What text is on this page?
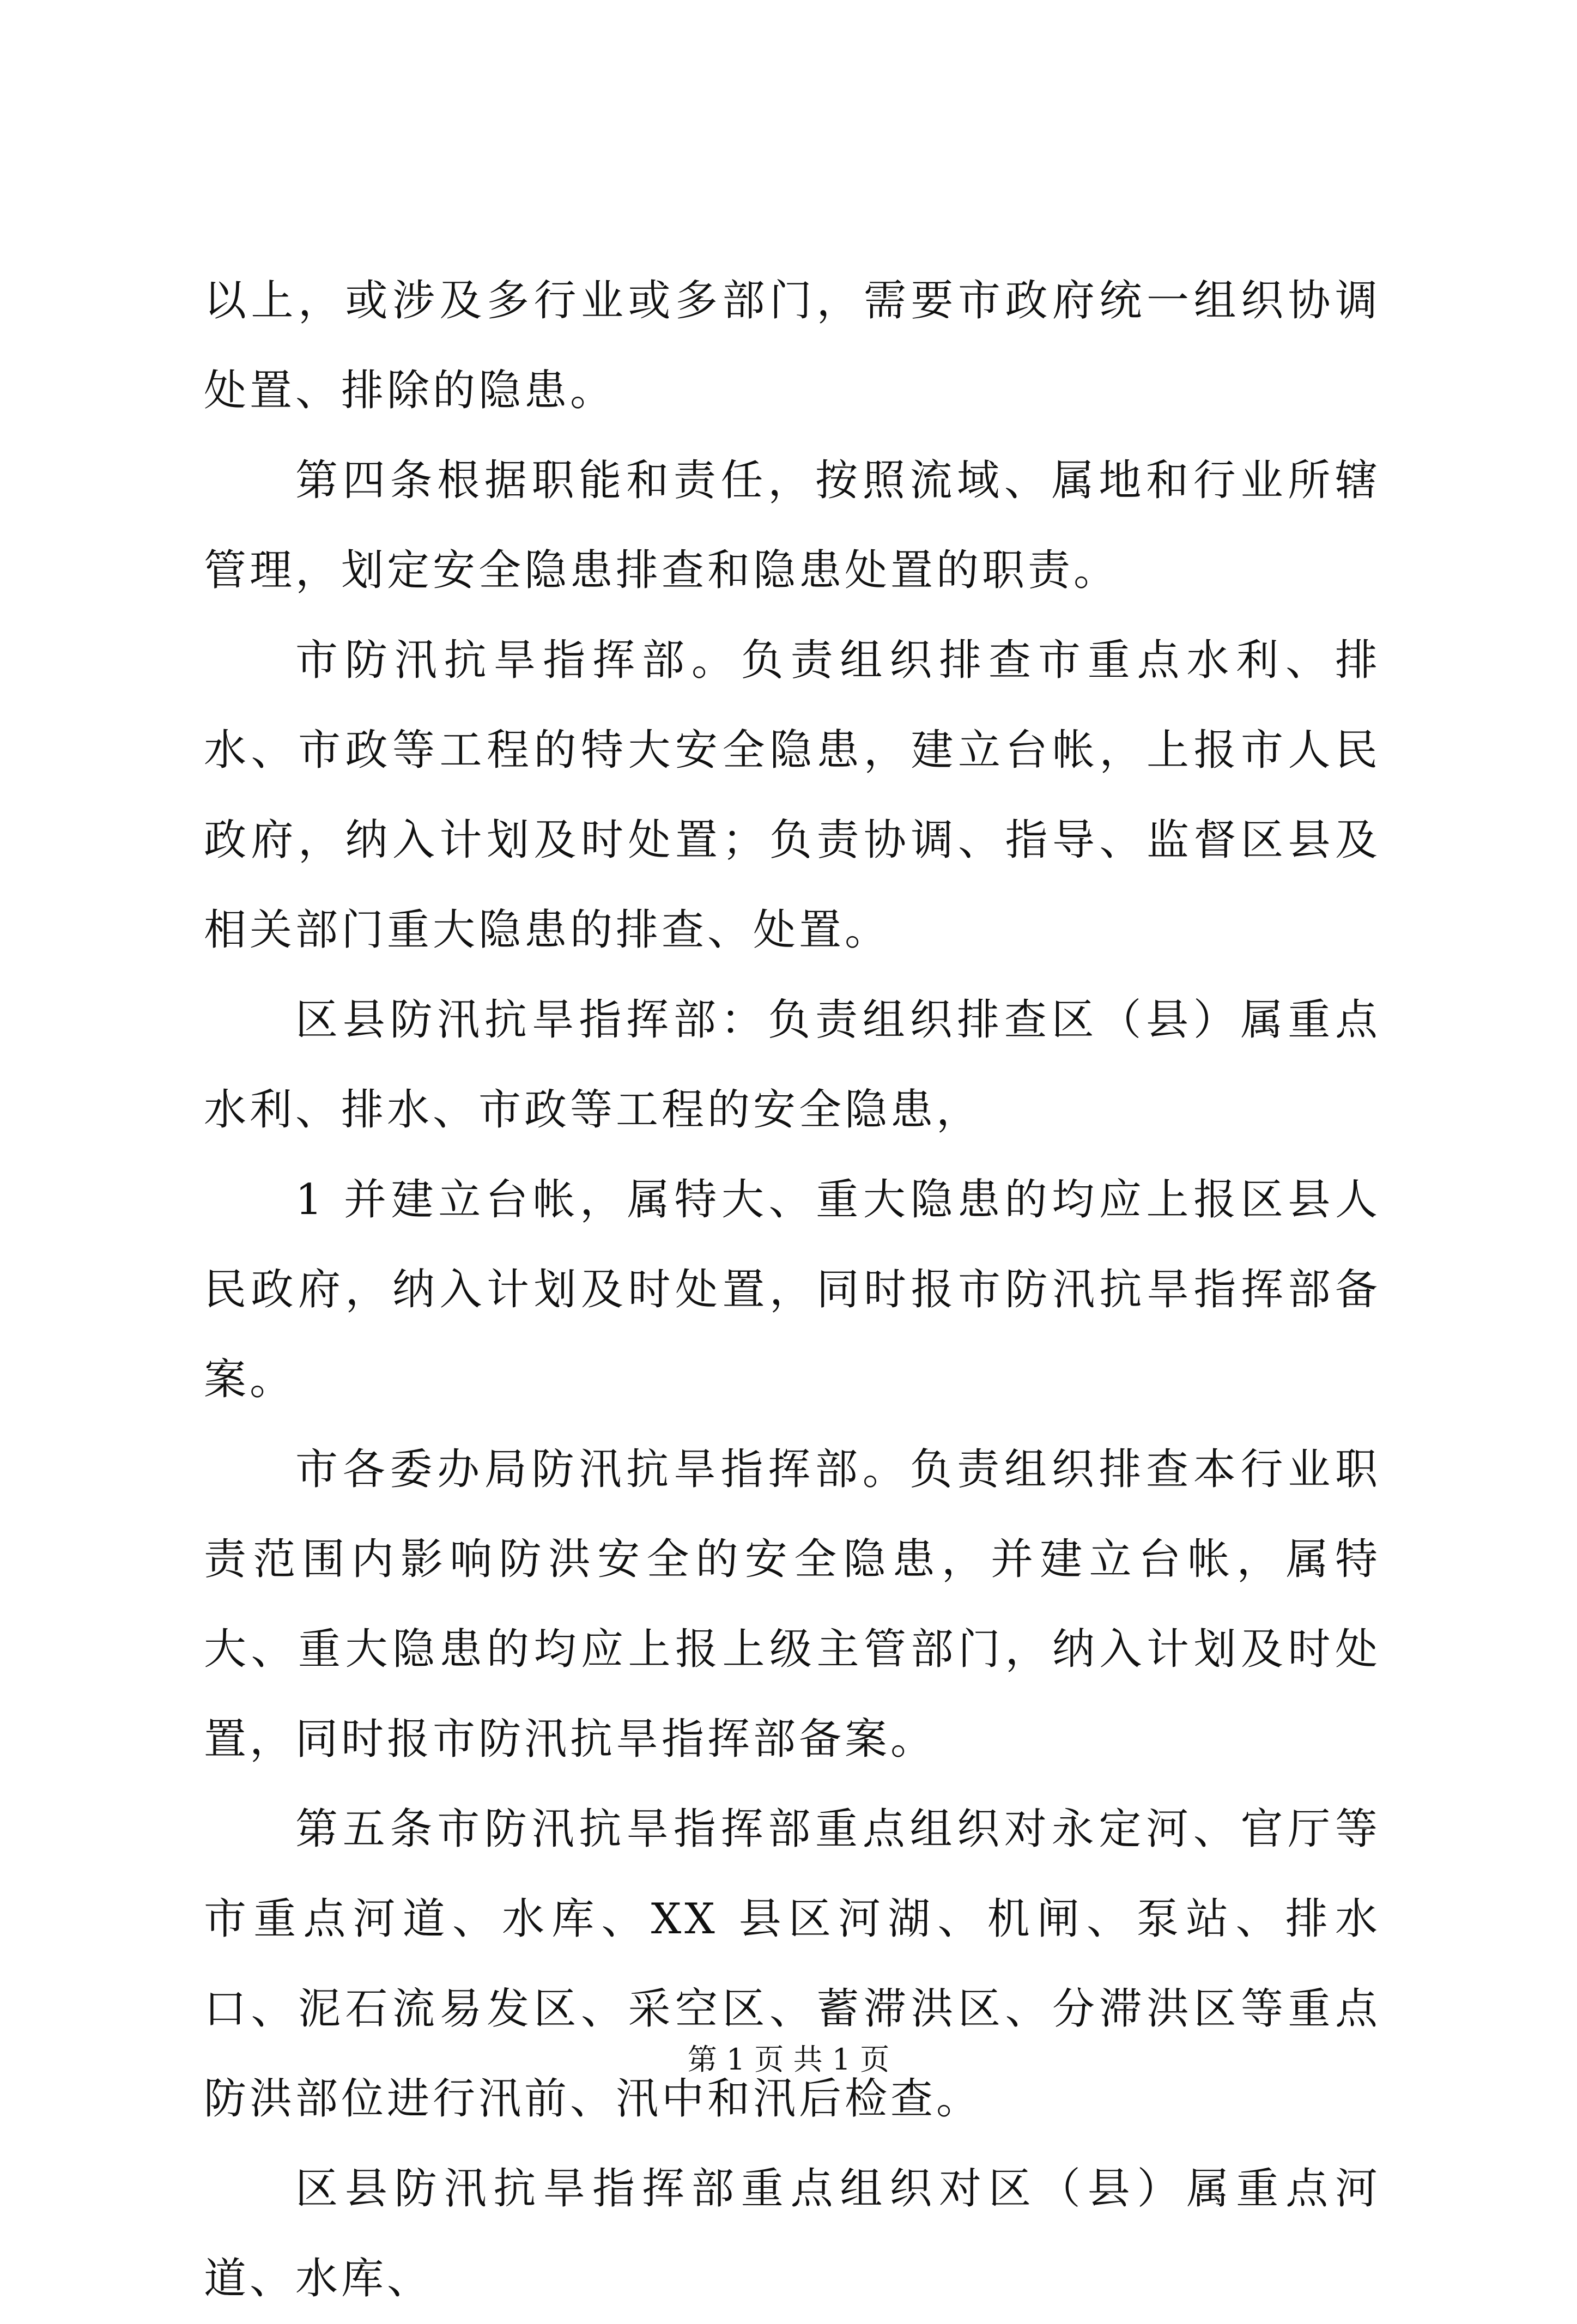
以上，或涉及多行业或多部门，需要市政府统一组织协调处置、排除的隐患。

第四条根据职能和责任，按照流域、属地和行业所辖管理，划定安全隐患排查和隐患处置的职责。

市防汛抗旱指挥部。负责组织排查市重点水利、排水、市政等工程的特大安全隐患，建立台帐，上报市人民政府，纳入计划及时处置；负责协调、指导、监督区县及相关部门重大隐患的排查、处置。

区县防汛抗旱指挥部：负责组织排查区（县）属重点水利、排水、市政等工程的安全隐患，

1 并建立台帐，属特大、重大隐患的均应上报区县人民政府，纳入计划及时处置，同时报市防汛抗旱指挥部备案。

市各委办局防汛抗旱指挥部。负责组织排查本行业职责范围内影响防洪安全的安全隐患，并建立台帐，属特大、重大隐患的均应上报上级主管部门，纳入计划及时处置，同时报市防汛抗旱指挥部备案。

第五条市防汛抗旱指挥部重点组织对永定河、官厅等市重点河道、水库、XX 县区河湖、机闸、泵站、排水口、泥石流易发区、采空区、蓄滞洪区、分滞洪区等重点防洪部位进行汛前、汛中和汛后检查。

区县防汛抗旱指挥部重点组织对区（县）属重点河道、水库、

第 1 页 共 1 页
